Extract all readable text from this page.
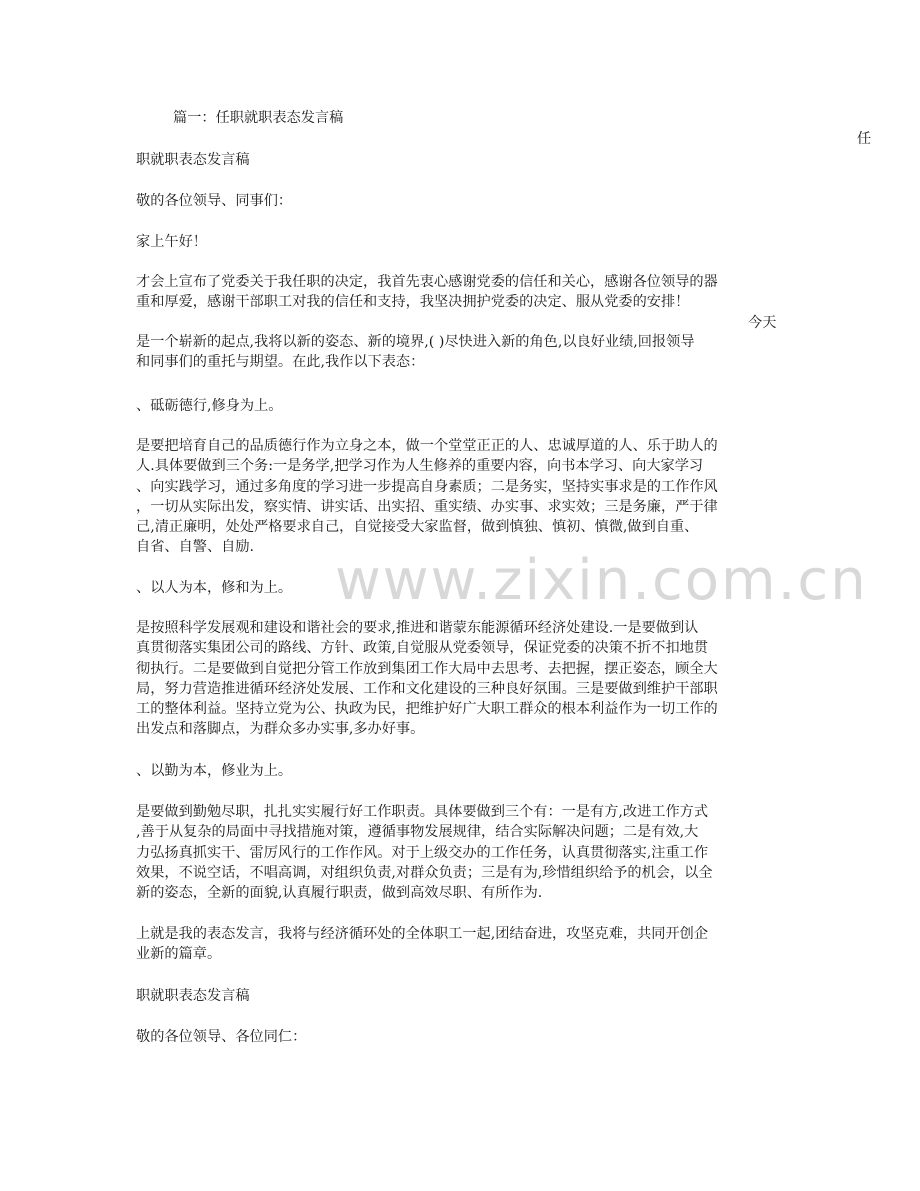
篇一：任职就职表态发言稿
任
职就职表态发言稿
敬的各位领导、同事们：
家上午好！
才会上宣布了党委关于我任职的决定，我首先衷心感谢党委的信任和关心，感谢各位领导的器
重和厚爱，感谢干部职工对我的信任和支持，我坚决拥护党委的决定、服从党委的安排！
今天
是一个崭新的起点,我将以新的姿态、新的境界,( )尽快进入新的角色,以良好业绩,回报领导
和同事们的重托与期望。在此,我作以下表态：
、砥砺德行,修身为上。
是要把培育自己的品质德行作为立身之本，做一个堂堂正正的人、忠诚厚道的人、乐于助人的
人.具体要做到三个务:一是务学,把学习作为人生修养的重要内容，向书本学习、向大家学习
、向实践学习，通过多角度的学习进一步提高自身素质；二是务实，坚持实事求是的工作作风
，一切从实际出发，察实情、讲实话、出实招、重实绩、办实事、求实效；三是务廉，严于律
己,清正廉明，处处严格要求自己，自觉接受大家监督，做到慎独、慎初、慎微,做到自重、
自省、自警、自励.
、以人为本，修和为上。
是按照科学发展观和建设和谐社会的要求,推进和谐蒙东能源循环经济处建设.一是要做到认
真贯彻落实集团公司的路线、方针、政策,自觉服从党委领导，保证党委的决策不折不扣地贯
彻执行。二是要做到自觉把分管工作放到集团工作大局中去思考、去把握，摆正姿态，顾全大
局，努力营造推进循环经济处发展、工作和文化建设的三种良好氛围。三是要做到维护干部职
工的整体利益。坚持立党为公、执政为民，把维护好广大职工群众的根本利益作为一切工作的
出发点和落脚点，为群众多办实事,多办好事。
、以勤为本，修业为上。
是要做到勤勉尽职，扎扎实实履行好工作职责。具体要做到三个有：一是有方,改进工作方式
,善于从复杂的局面中寻找措施对策，遵循事物发展规律，结合实际解决问题；二是有效,大
力弘扬真抓实干、雷厉风行的工作作风。对于上级交办的工作任务，认真贯彻落实,注重工作
效果，不说空话，不唱高调，对组织负责,对群众负责；三是有为,珍惜组织给予的机会，以全
新的姿态，全新的面貌,认真履行职责，做到高效尽职、有所作为.
上就是我的表态发言，我将与经济循环处的全体职工一起,团结奋进，攻坚克难，共同开创企
业新的篇章。
职就职表态发言稿
敬的各位领导、各位同仁：
www.zixin.com.cn
